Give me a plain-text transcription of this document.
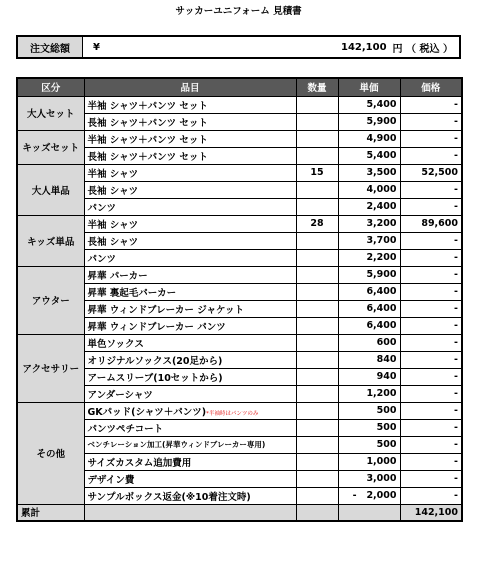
サッカーユニフォーム 見積書
注文総額	¥	142,100 円 （ 税込 ）
区分	品目	数量	単価	価格
大人セット	半袖 シャツ＋パンツ セット		5,400	-
	長袖 シャツ＋パンツ セット		5,900	-
キッズセット	半袖 シャツ＋パンツ セット		4,900	-
	長袖 シャツ＋パンツ セット		5,400	-
大人単品	半袖 シャツ	15	3,500	52,500
	長袖 シャツ		4,000	-
	パンツ		2,400	-
キッズ単品	半袖 シャツ	28	3,200	89,600
	長袖 シャツ		3,700	-
	パンツ		2,200	-
アウター	昇華 パーカー		5,900	-
	昇華 裏起毛パーカー		6,400	-
	昇華 ウィンドブレーカー ジャケット		6,400	-
	昇華 ウィンドブレーカー パンツ		6,400	-
アクセサリー	単色ソックス		600	-
	オリジナルソックス(20足から)		840	-
	アームスリーブ(10セットから)		940	-
	アンダーシャツ		1,200	-
その他	GKパッド(シャツ＋パンツ)*半袖時はパンツのみ		500	-
	パンツペチコート		500	-
	ベンチレーション加工(昇華ウィンドブレーカー専用)		500	-
	サイズカスタム追加費用		1,000	-
	デザイン費		3,000	-
	サンプルボックス返金(※10着注文時)		-   2,000	-
累計				142,100
